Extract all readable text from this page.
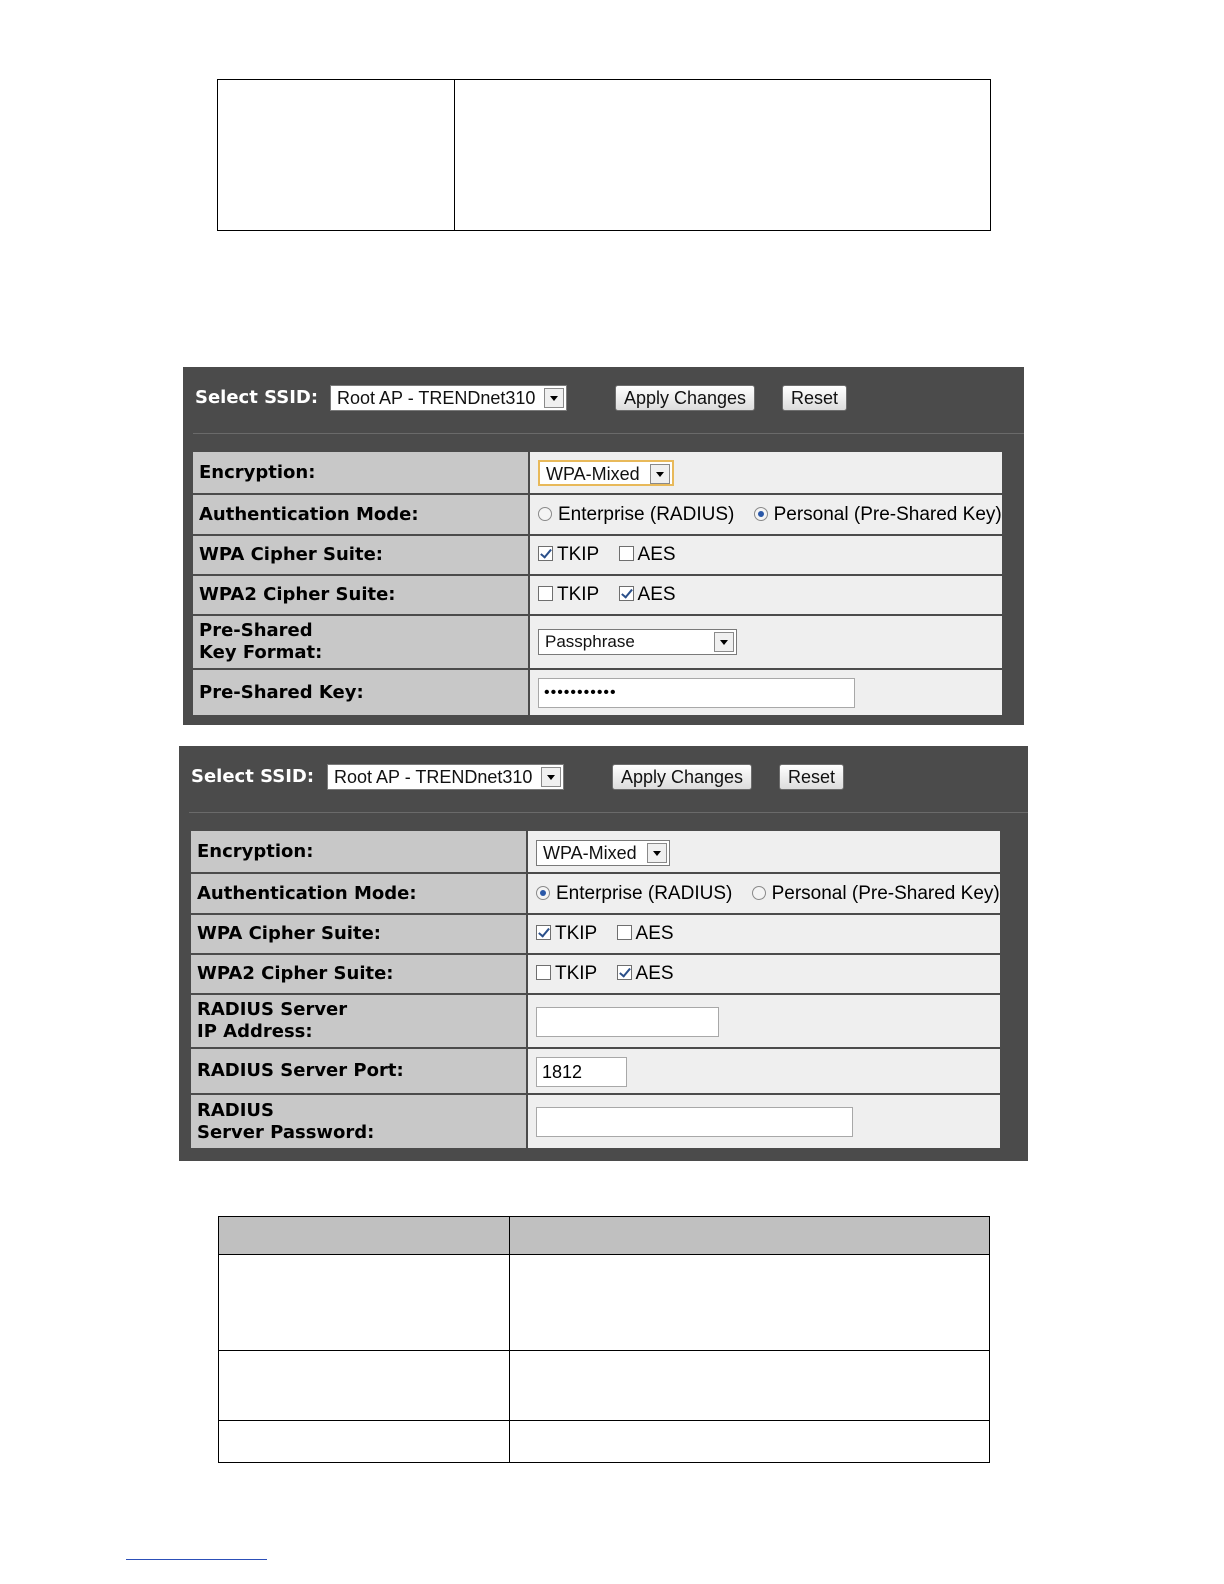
Select SSID:	Root AP - TRENDnet310	Apply Changes	Reset
Encryption:	WPA-Mixed

Authentication Mode:	Enterprise (RADIUS) Personal (Pre-Shared Key)
WPA Cipher Suite:	TKIP AES
WPA2 Cipher Suite:	TKIP AES

Pre-Shared
Key Format:	Passphrase

Pre-Shared Key:	•••••••••••
Select SSID:	Root AP - TRENDnet310	Apply Changes	Reset
Encryption:	WPA-Mixed

Authentication Mode:	Enterprise (RADIUS) Personal (Pre-Shared Key)
WPA Cipher Suite:	TKIP AES
WPA2 Cipher Suite:	TKIP AES

RADIUS Server
IP Address:	

RADIUS Server Port:	1812

RADIUS
Server Password:	
